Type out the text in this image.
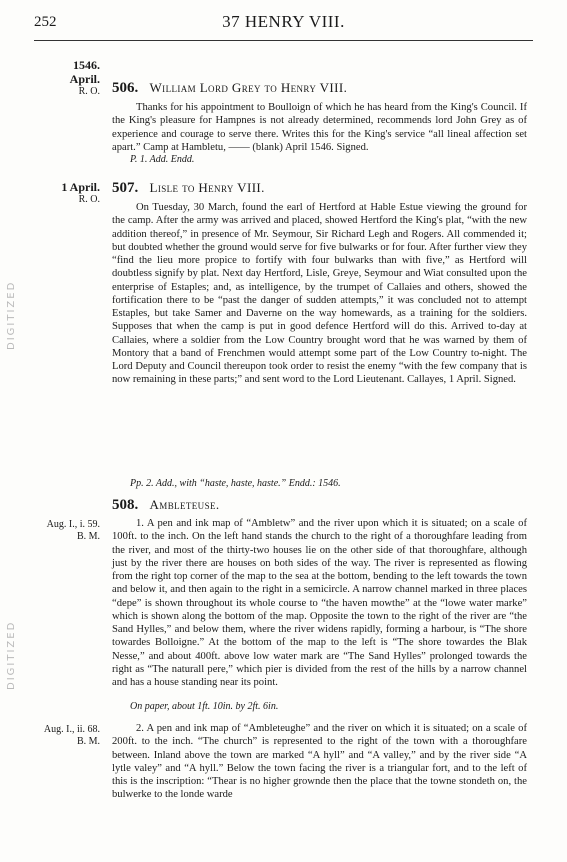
252	37 HENRY VIII.
DIGITIZED
DIGITIZED
1546.
April.
R. O. 506. William Lord Grey to Henry VIII.

Thanks for his appointment to Boulloign of which he has heard from the King's Council. If the King's pleasure for Hampnes is not already determined, recommends lord John Grey as of experience and courage to serve there. Writes this for the King's service “all lineal affection set apart.” Camp at Hambletu, —— (blank) April 1546. Signed.

P. 1. Add. Endd.

1 April.
R. O.
507. Lisle to Henry VIII.

On Tuesday, 30 March, found the earl of Hertford at Hable Estue viewing the ground for the camp. After the army was arrived and placed, showed Hertford the King's plat, “with the new addition thereof,” in presence of Mr. Seymour, Sir Richard Legh and Rogers. All commended it; but doubted whether the ground would serve for five bulwarks or for four. After further view they “find the lieu more propice to fortify with four bulwarks than with five,” as Hertford will doubtless signify by plat. Next day Hertford, Lisle, Greye, Seymour and Wiat consulted upon the enterprise of Estaples; and, as intelligence, by the trumpet of Callaies and others, showed the fortification there to be “past the danger of sudden attempts,” it was concluded not to attempt Estaples, but take Samer and Daverne on the way homewards, as a training for the soldiers. Supposes that when the camp is put in good defence Hertford will do this. Arrived to-day at Callaies, where a soldier from the Low Country brought word that he was warned by them of Montory that a band of Frenchmen would attempt some part of the Low Country to-night. The Lord Deputy and Council thereupon took order to resist the enemy “with the few company that is now remaining in these parts;” and sent word to the Lord Lieutenant. Callayes, 1 April. Signed.

Pp. 2. Add., with “haste, haste, haste.” Endd.: 1546.

508. Ambleteuse.
Aug. I., i. 59.
B. M.

1. A pen and ink map of “Ambletw” and the river upon which it is situated; on a scale of 100ft. to the inch. On the left hand stands the church to the right of a thoroughfare leading from the river, and most of the thirty-two houses lie on the other side of that thoroughfare, although just by the river there are houses on both sides of the way. The river is represented as flowing from the right top corner of the map to the sea at the bottom, bending to the left towards the town and below it, and then again to the right in a semicircle. A narrow channel marked in three places “depe” is shown throughout its whole course to “the haven mowthe” at the “lowe water marke” which is shown along the bottom of the map. Opposite the town to the right of the river are “the Sand Hylles,” and below them, where the river widens rapidly, forming a harbour, is “The shore towardes Bolloigne.” At the bottom of the map to the left is “The shore towardes the Blak Nesse,” and about 400ft. above low water mark are “The Sand Hylles” prolonged towards the right as “The naturall pere,” which pier is divided from the rest of the hills by a narrow channel and has a house standing near its point.

On paper, about 1ft. 10in. by 2ft. 6in.

Aug. I., ii. 68.
B. M.

2. A pen and ink map of “Ambleteughe” and the river on which it is situated; on a scale of 200ft. to the inch. “The church” is represented to the right of the town with a thoroughfare between. Inland above the town are marked “A hyll” and “A valley,” and by the river side “A lytle valey” and “A hyll.” Below the town facing the river is a triangular fort, and to the left of this is the inscription: “Thear is no higher grownde then the place that the towne stondeth on, the bulwerke to the londe warde
